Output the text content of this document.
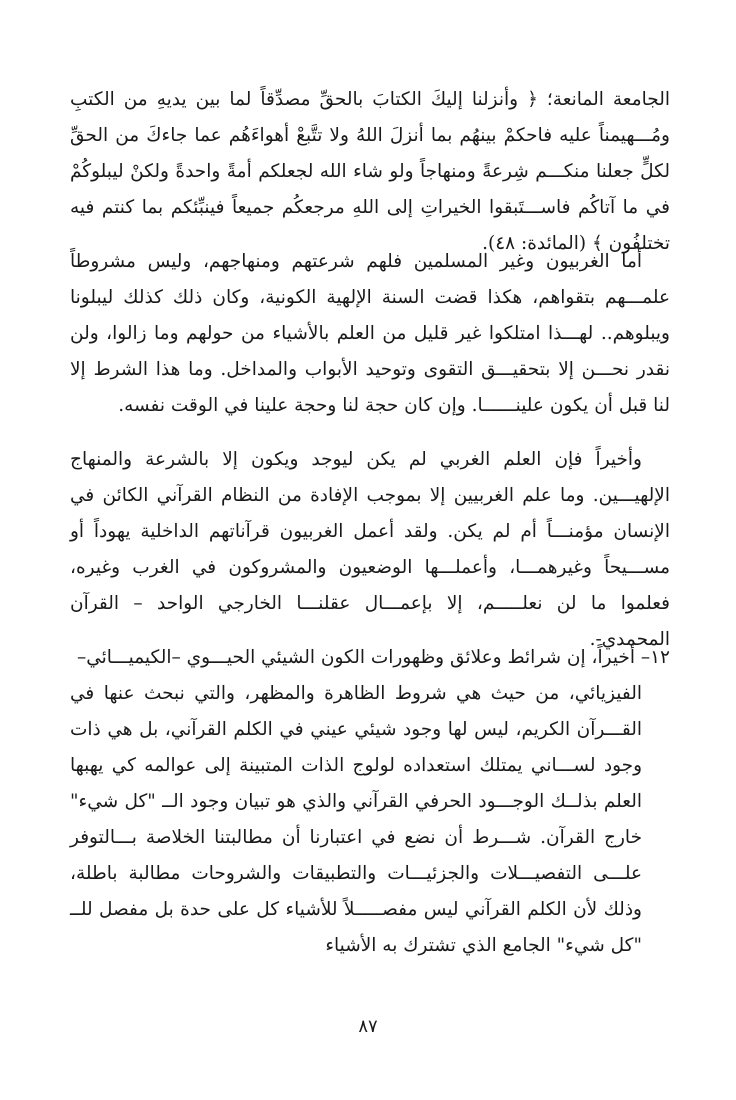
الجامعة المانعة؛ ﴿ وأنزلنا إليكَ الكتابَ بالحقِّ مصدِّقاً لما بين يديهِ من الكتبِ ومُـــهيمناً عليه فاحكمْ بينهُم بما أنزلَ اللهُ ولا تتَّبعْ أهواءَهُم عما جاءكَ من الحقِّ لكلٍّ جعلنا منكـــم شِرعةً ومنهاجاً ولو شاء الله لجعلكم أمةً واحدةً ولكنْ ليبلوكُمْ في ما آتاكُم فاســـتَبقوا الخيراتِ إلى اللهِ مرجعكُم جميعاً فينبِّئكم بما كنتم فيه تختلفُون ﴾ (المائدة: ٤٨).

أما الغربيون وغير المسلمين فلهم شرعتهم ومنهاجهم، وليس مشروطاً علمـــهم بتقواهم، هكذا قضت السنة الإلهية الكونية، وكان ذلك كذلك ليبلونا ويبلوهم.. لهـــذا امتلكوا غير قليل من العلم بالأشياء من حولهم وما زالوا، ولن نقدر نحـــن إلا بتحقيـــق التقوى وتوحيد الأبواب والمداخل. وما هذا الشرط إلا لنا قبل أن يكون علينــــــا. وإن كان حجة لنا وحجة علينا في الوقت نفسه.

وأخيراً فإن العلم الغربي لم يكن ليوجد ويكون إلا بالشرعة والمنهاج الإلهيـــين. وما علم الغربيين إلا بموجب الإفادة من النظام القرآني الكائن في الإنسان مؤمنـــاً أم لم يكن. ولقد أعمل الغربيون قرآناتهم الداخلية يهوداً أو مســـيحاً وغيرهمـــا، وأعملـــها الوضعيون والمشروكون في الغرب وغيره، فعلموا ما لن نعلـــــم، إلا بإعمـــال عقلنـــا الخارجي الواحد – القرآن المحمدي-.

١٢– أخيراً، إن شرائط وعلائق وظهورات الكون الشيئي الحيـــوي –الكيميـــائي–

الفيزيائي، من حيث هي شروط الظاهرة والمظهر، والتي نبحث عنها في القـــرآن الكريم، ليس لها وجود شيئي عيني في الكلم القرآني، بل هي ذات وجود لســـاني يمتلك استعداده لولوج الذات المتبينة إلى عوالمه كي يهبها العلم بذلــك الوجـــود الحرفي القرآني والذي هو تبيان وجود الــ "كل شيء" خارج القرآن. شـــرط أن نضع في اعتبارنا أن مطالبتنا الخلاصة بـــالتوفر علـــى التفصيـــلات والجزئيـــات والتطبيقات والشروحات مطالبة باطلة، وذلك لأن الكلم القرآني ليس مفصـــــلاً للأشياء كل على حدة بل مفصل للــ "كل شيء" الجامع الذي تشترك به الأشياء

٨٧
